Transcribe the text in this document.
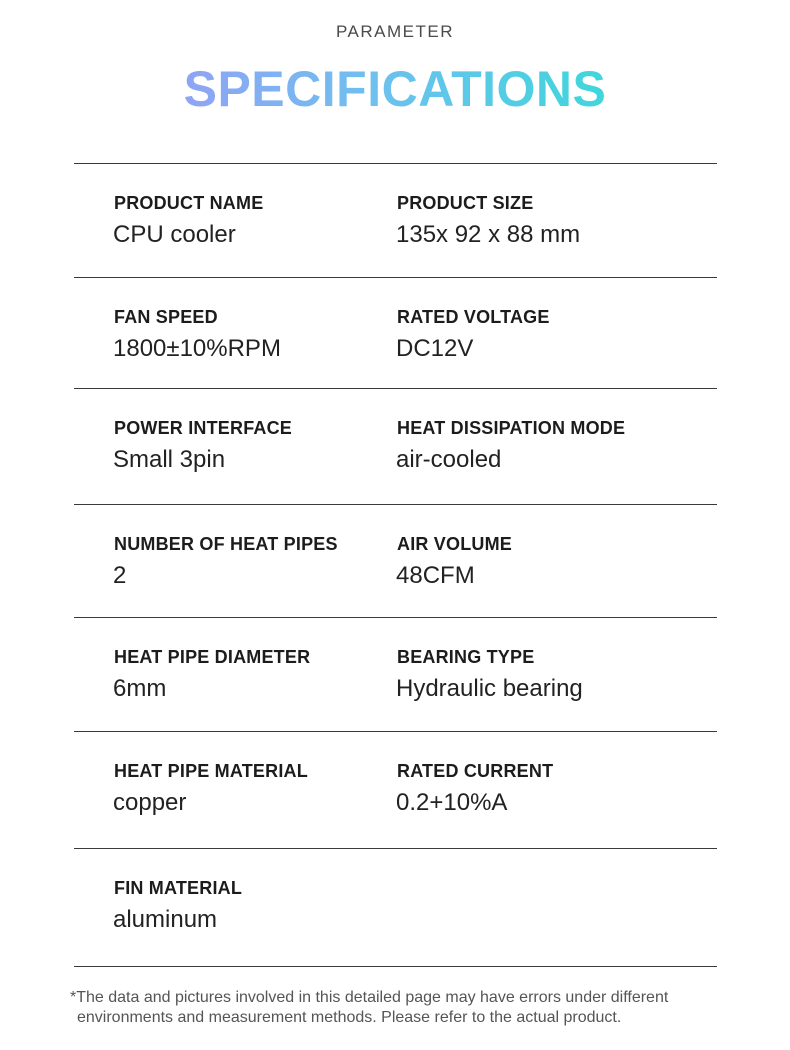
PARAMETER
SPECIFICATIONS
PRODUCT NAME
CPU cooler
PRODUCT SIZE
135x 92 x 88 mm
FAN SPEED
1800±10%RPM
RATED VOLTAGE
DC12V
POWER INTERFACE
Small 3pin
HEAT DISSIPATION MODE
air-cooled
NUMBER OF HEAT PIPES
2
AIR VOLUME
48CFM
HEAT PIPE DIAMETER
6mm
BEARING TYPE
Hydraulic bearing
HEAT PIPE MATERIAL
copper
RATED CURRENT
0.2+10%A
FIN MATERIAL
aluminum
*The data and pictures involved in this detailed page may have errors under different
environments and measurement methods. Please refer to the actual product.
